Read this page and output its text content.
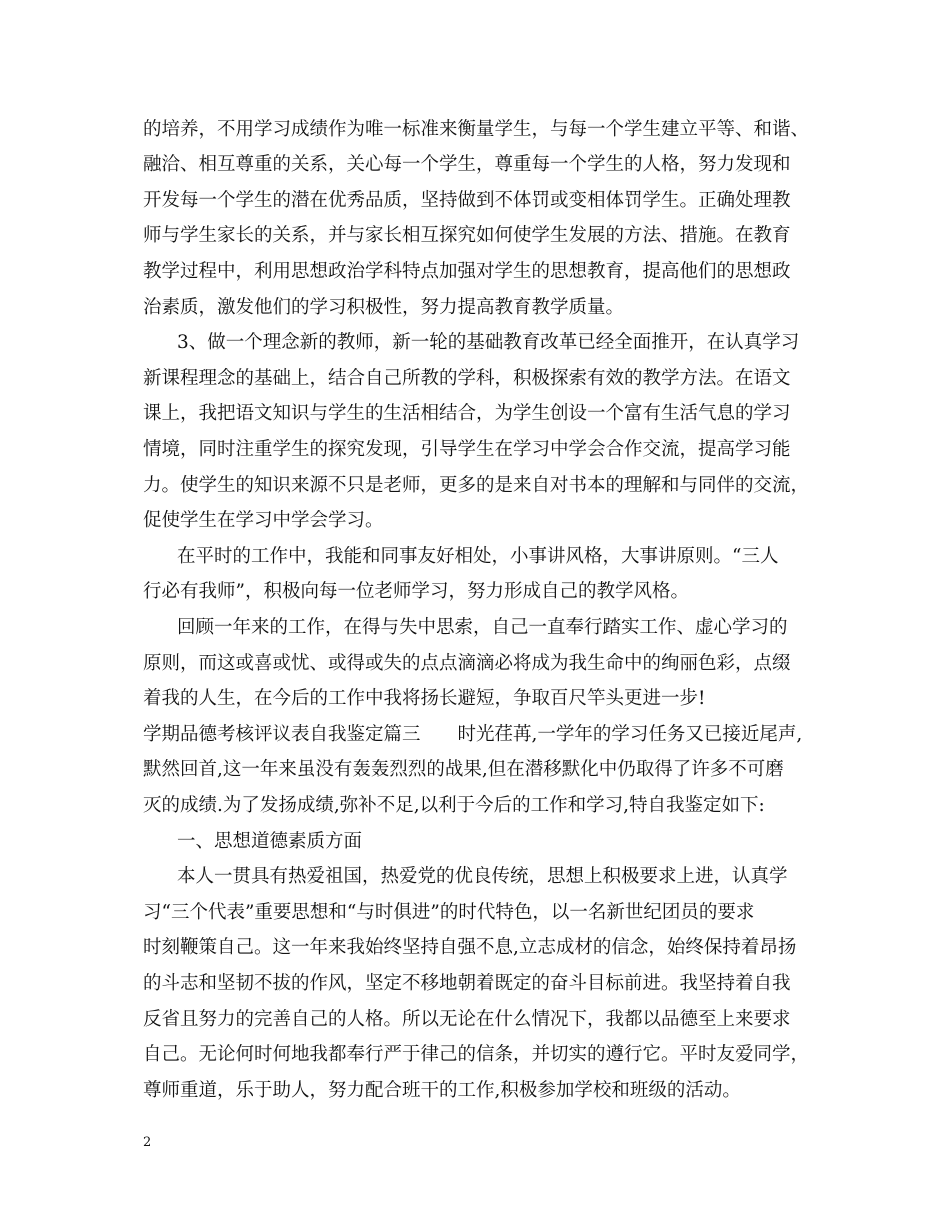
的培养，不用学习成绩作为唯一标准来衡量学生，与每一个学生建立平等、和谐、
融洽、相互尊重的关系，关心每一个学生，尊重每一个学生的人格，努力发现和
开发每一个学生的潜在优秀品质，坚持做到不体罚或变相体罚学生。正确处理教
师与学生家长的关系，并与家长相互探究如何使学生发展的方法、措施。在教育
教学过程中，利用思想政治学科特点加强对学生的思想教育，提高他们的思想政
治素质，激发他们的学习积极性，努力提高教育教学质量。
3、做一个理念新的教师，新一轮的基础教育改革已经全面推开，在认真学习
新课程理念的基础上，结合自己所教的学科，积极探索有效的教学方法。在语文
课上，我把语文知识与学生的生活相结合，为学生创设一个富有生活气息的学习
情境，同时注重学生的探究发现，引导学生在学习中学会合作交流，提高学习能
力。使学生的知识来源不只是老师，更多的是来自对书本的理解和与同伴的交流，
促使学生在学习中学会学习。
在平时的工作中，我能和同事友好相处，小事讲风格，大事讲原则。“三人
行必有我师”，积极向每一位老师学习，努力形成自己的教学风格。
回顾一年来的工作，在得与失中思索，自己一直奉行踏实工作、虚心学习的
原则，而这或喜或忧、或得或失的点点滴滴必将成为我生命中的绚丽色彩，点缀
着我的人生，在今后的工作中我将扬长避短，争取百尺竿头更进一步!
学期品德考核评议表自我鉴定篇三　　时光荏苒,一学年的学习任务又已接近尾声,
默然回首,这一年来虽没有轰轰烈烈的战果,但在潜移默化中仍取得了许多不可磨
灭的成绩.为了发扬成绩,弥补不足,以利于今后的工作和学习,特自我鉴定如下:
一、思想道德素质方面
本人一贯具有热爱祖国，热爱党的优良传统，思想上积极要求上进，认真学
习“三个代表”重要思想和“与时俱进”的时代特色，以一名新世纪团员的要求
时刻鞭策自己。这一年来我始终坚持自强不息,立志成材的信念，始终保持着昂扬
的斗志和坚韧不拔的作风，坚定不移地朝着既定的奋斗目标前进。我坚持着自我
反省且努力的完善自己的人格。所以无论在什么情况下，我都以品德至上来要求
自己。无论何时何地我都奉行严于律己的信条，并切实的遵行它。平时友爱同学，
尊师重道，乐于助人，努力配合班干的工作,积极参加学校和班级的活动。
2
